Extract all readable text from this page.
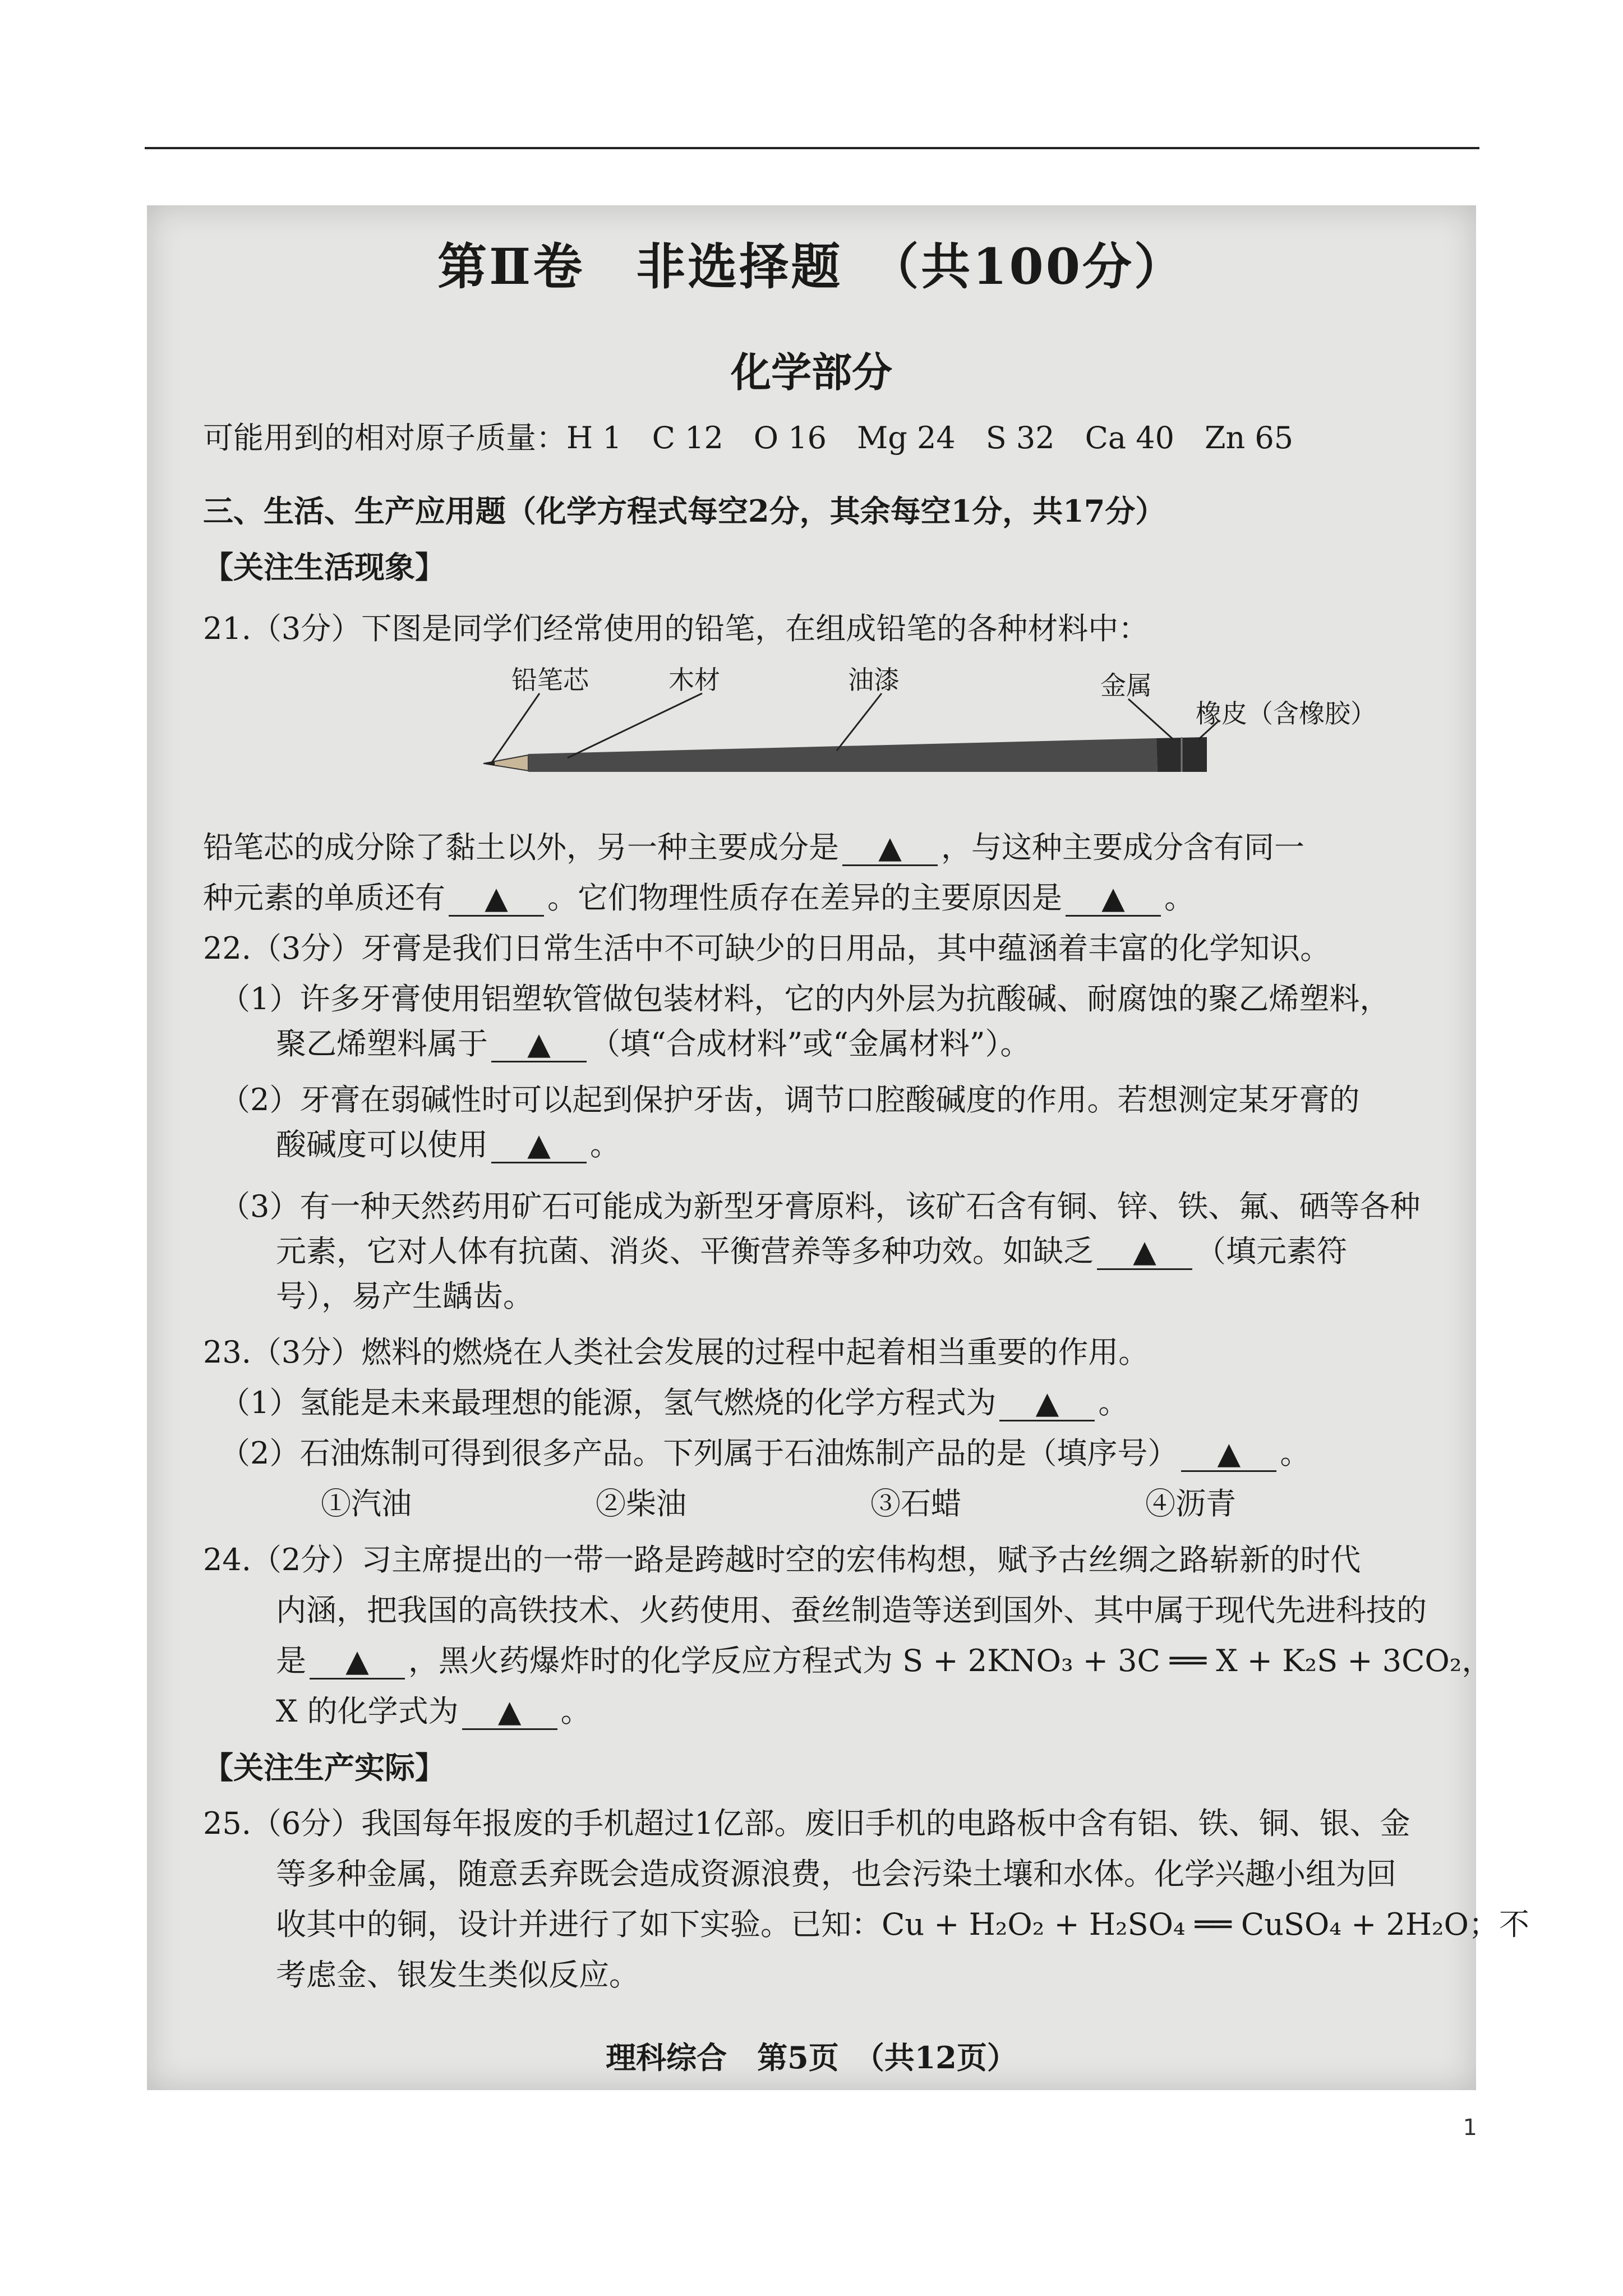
第Ⅱ卷　非选择题　（共100分）
化学部分
可能用到的相对原子质量：H 1　C 12　O 16　Mg 24　S 32　Ca 40　Zn 65
三、生活、生产应用题（化学方程式每空2分，其余每空1分，共17分）
【关注生活现象】
21.（3分）下图是同学们经常使用的铅笔，在组成铅笔的各种材料中：
铅笔芯	木材	油漆	金属
橡皮（含橡胶）
铅笔芯的成分除了黏土以外，另一种主要成分是 ▲ ，与这种主要成分含有同一
种元素的单质还有 ▲ 。它们物理性质存在差异的主要原因是 ▲ 。
22.（3分）牙膏是我们日常生活中不可缺少的日用品，其中蕴涵着丰富的化学知识。
（1）许多牙膏使用铝塑软管做包装材料，它的内外层为抗酸碱、耐腐蚀的聚乙烯塑料，
聚乙烯塑料属于 ▲ （填“合成材料”或“金属材料”）。
（2）牙膏在弱碱性时可以起到保护牙齿，调节口腔酸碱度的作用。若想测定某牙膏的
酸碱度可以使用 ▲ 。
（3）有一种天然药用矿石可能成为新型牙膏原料，该矿石含有铜、锌、铁、氟、硒等各种
元素，它对人体有抗菌、消炎、平衡营养等多种功效。如缺乏 ▲ （填元素符
号），易产生龋齿。
23.（3分）燃料的燃烧在人类社会发展的过程中起着相当重要的作用。
（1）氢能是未来最理想的能源，氢气燃烧的化学方程式为 ▲ 。
（2）石油炼制可得到很多产品。下列属于石油炼制产品的是（填序号） ▲ 。
①汽油	②柴油	③石蜡	④沥青
24.（2分）习主席提出的一带一路是跨越时空的宏伟构想，赋予古丝绸之路崭新的时代
内涵，把我国的高铁技术、火药使用、蚕丝制造等送到国外、其中属于现代先进科技的
是 ▲ ，黑火药爆炸时的化学反应方程式为 S + 2KNO₃ + 3C ══ X + K₂S + 3CO₂，
X 的化学式为 ▲ 。
【关注生产实际】
25.（6分）我国每年报废的手机超过1亿部。废旧手机的电路板中含有铝、铁、铜、银、金
等多种金属，随意丢弃既会造成资源浪费，也会污染土壤和水体。化学兴趣小组为回
收其中的铜，设计并进行了如下实验。已知：Cu + H₂O₂ + H₂SO₄ ══ CuSO₄ + 2H₂O；不
考虑金、银发生类似反应。
理科综合　第5页　（共12页）
1
